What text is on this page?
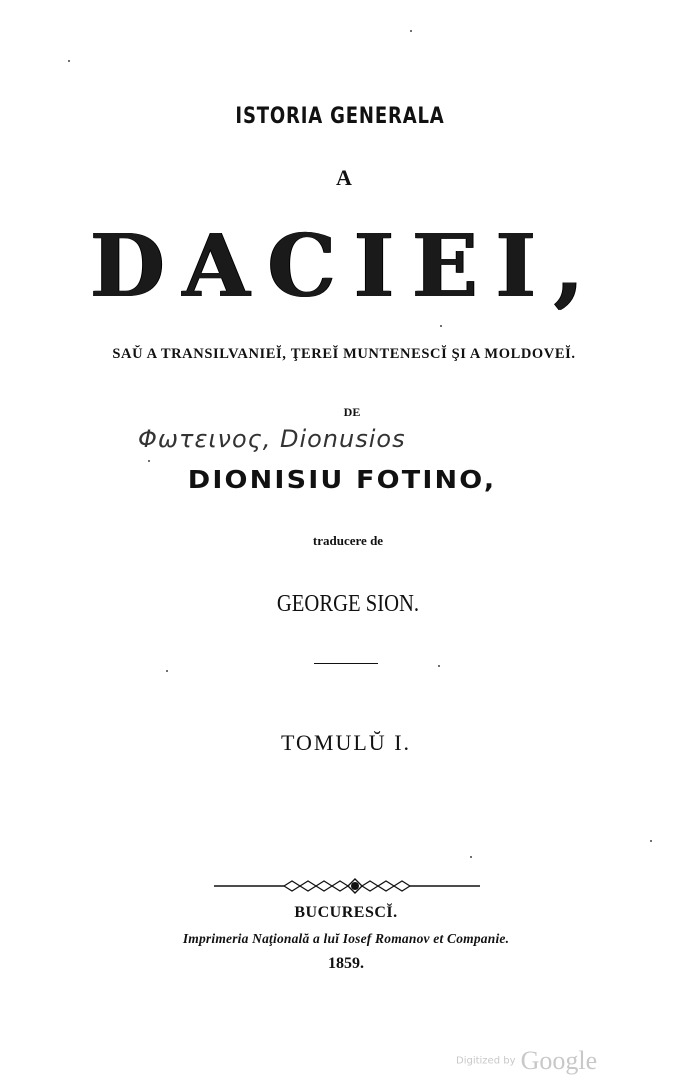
ISTORIA GENERALA
A
DACIEI,
SAŬ A TRANSILVANIEĬ, ŢEREĬ MUNTENESCĬ ŞI A MOLDOVEĬ.
DE
Φωτεινος, Dionusios
DIONISIU FOTINO,
traducere de
GEORGE SION.
TOMULŬ I.
BUCURESCĬ.
Imprimeria Naţională a luĭ Iosef Romanov et Companie.
1859.
Digitized by Google
